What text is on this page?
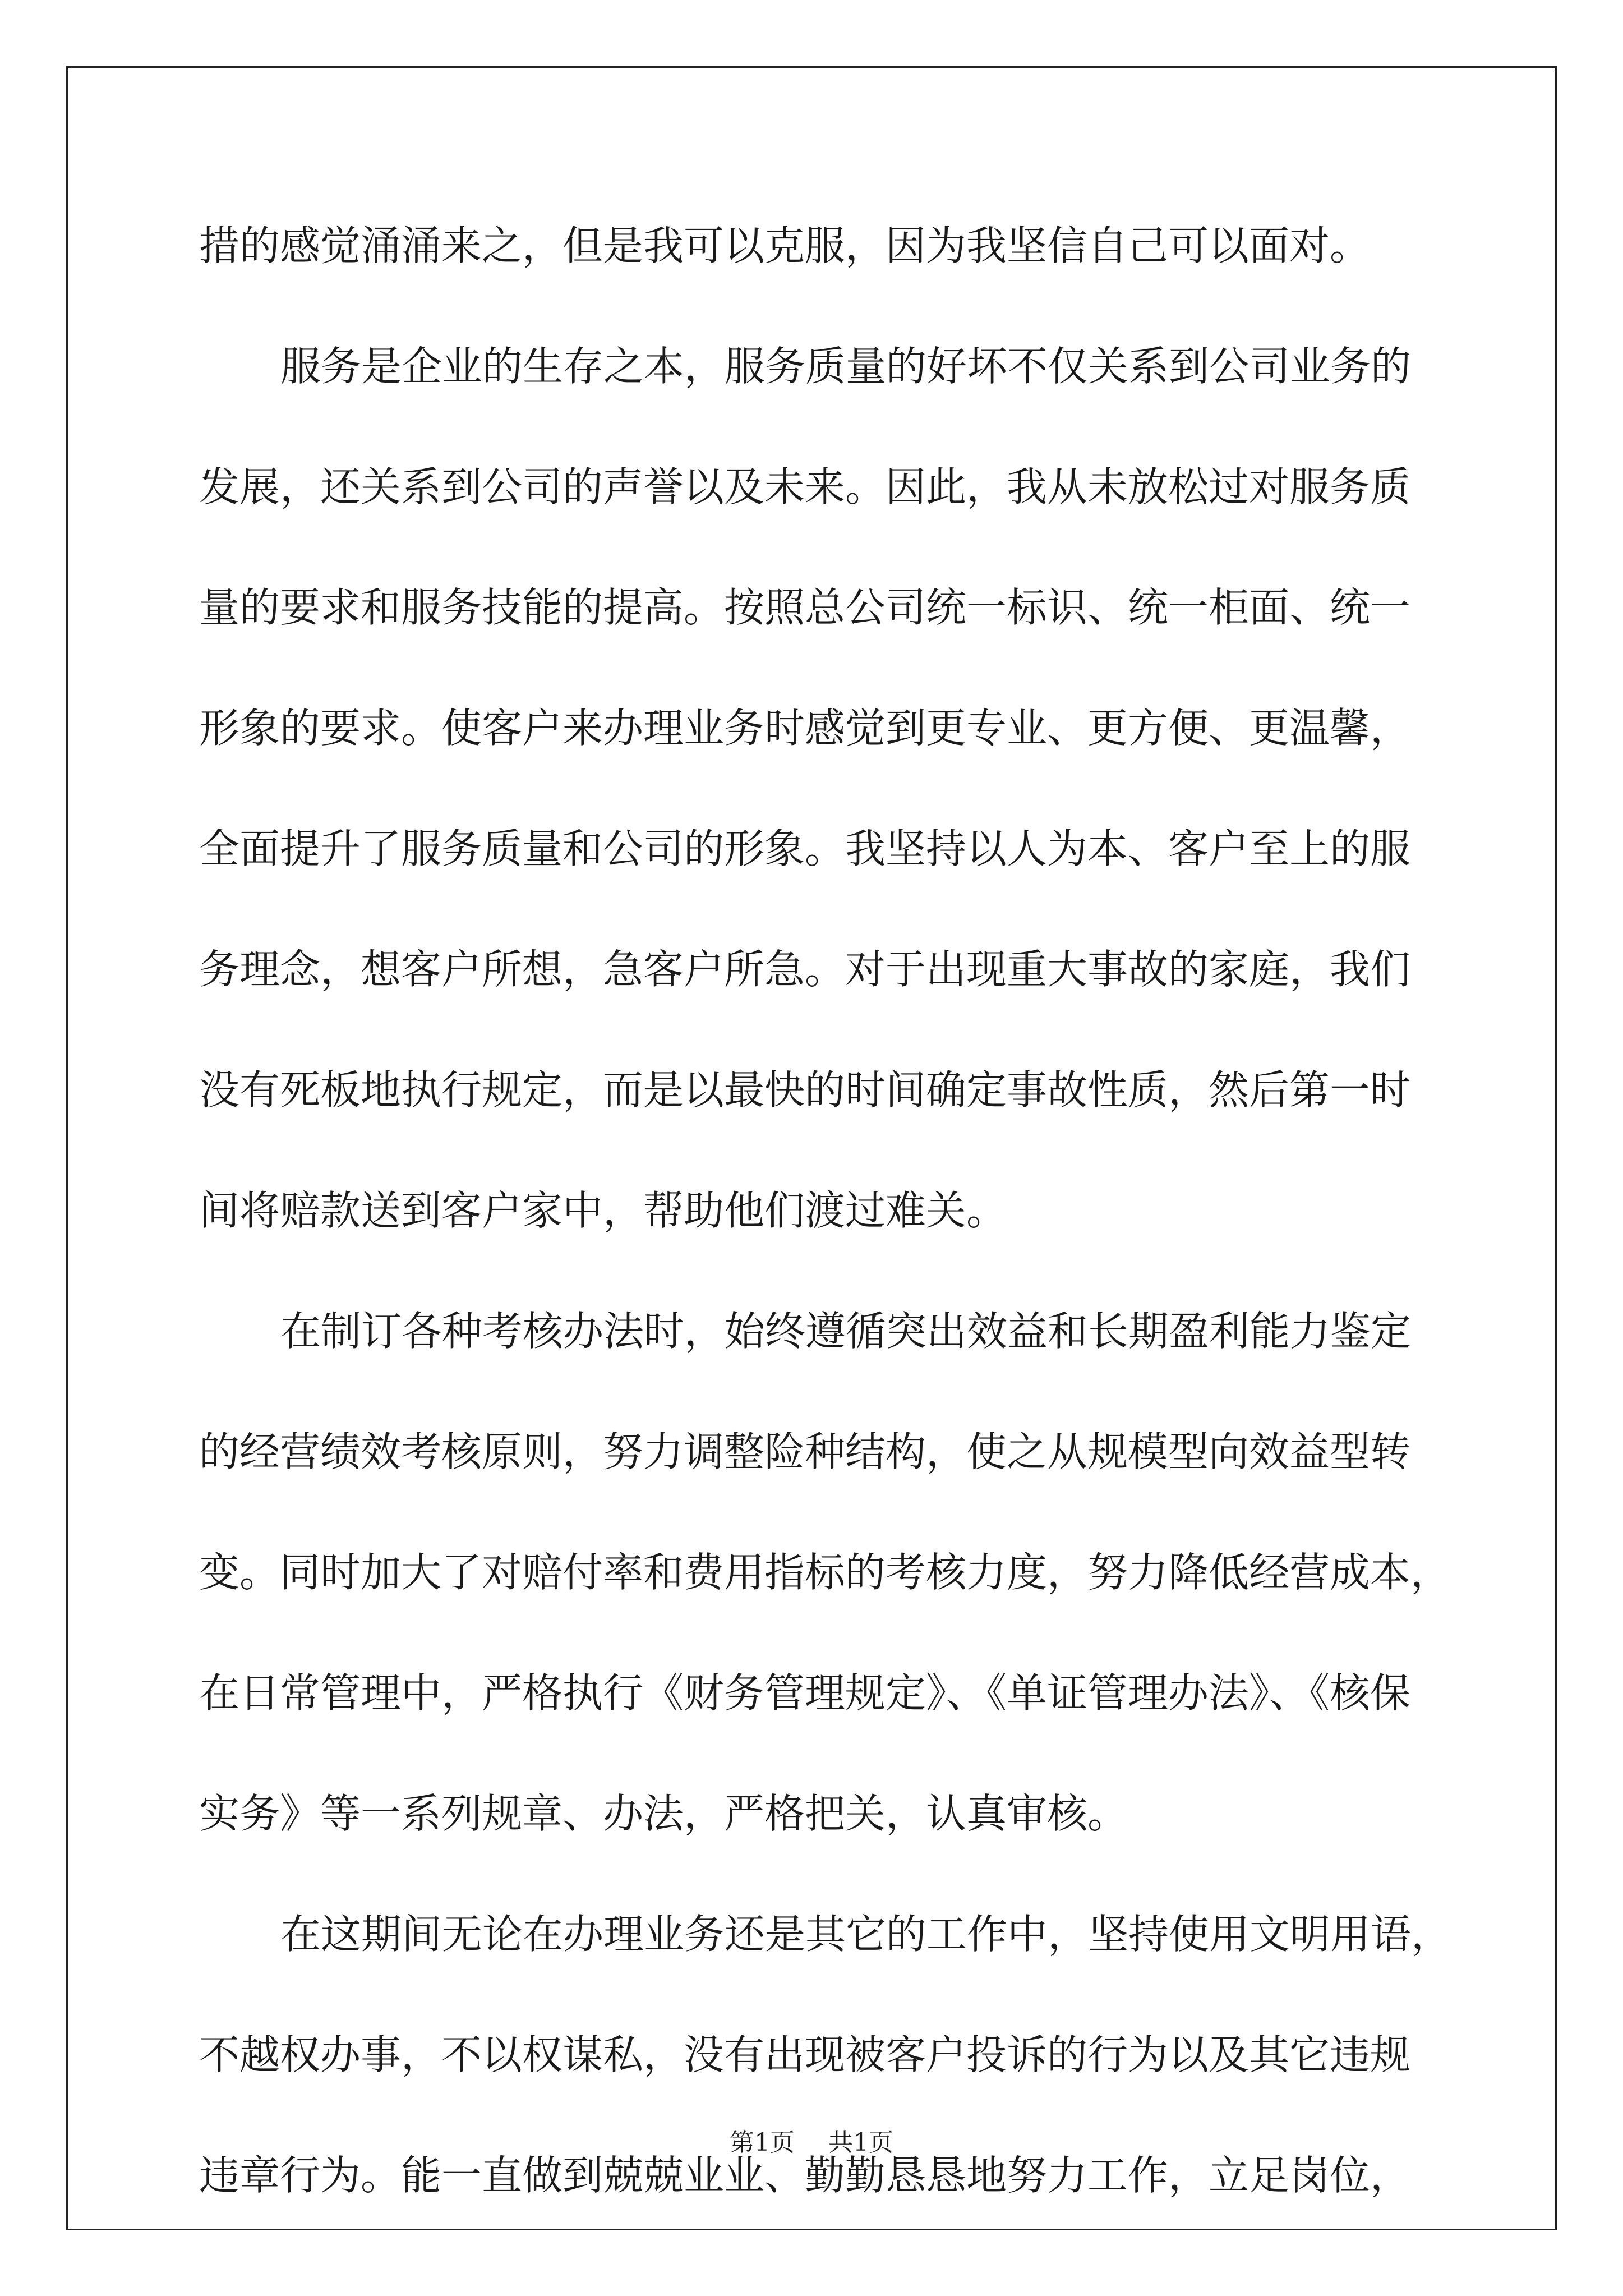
措的感觉涌涌来之，但是我可以克服，因为我坚信自己可以面对。
服务是企业的生存之本，服务质量的好坏不仅关系到公司业务的
发展，还关系到公司的声誉以及未来。因此，我从未放松过对服务质
量的要求和服务技能的提高。按照总公司统一标识、统一柜面、统一
形象的要求。使客户来办理业务时感觉到更专业、更方便、更温馨，
全面提升了服务质量和公司的形象。我坚持以人为本、客户至上的服
务理念，想客户所想，急客户所急。对于出现重大事故的家庭，我们
没有死板地执行规定，而是以最快的时间确定事故性质，然后第一时
间将赔款送到客户家中，帮助他们渡过难关。
在制订各种考核办法时，始终遵循突出效益和长期盈利能力鉴定
的经营绩效考核原则，努力调整险种结构，使之从规模型向效益型转
变。同时加大了对赔付率和费用指标的考核力度，努力降低经营成本，
在日常管理中，严格执行《财务管理规定》、《单证管理办法》、《核保
实务》等一系列规章、办法，严格把关，认真审核。
在这期间无论在办理业务还是其它的工作中，坚持使用文明用语，
不越权办事，不以权谋私，没有出现被客户投诉的行为以及其它违规
违章行为。能一直做到兢兢业业、勤勤恳恳地努力工作，立足岗位，
第1页 共1页
